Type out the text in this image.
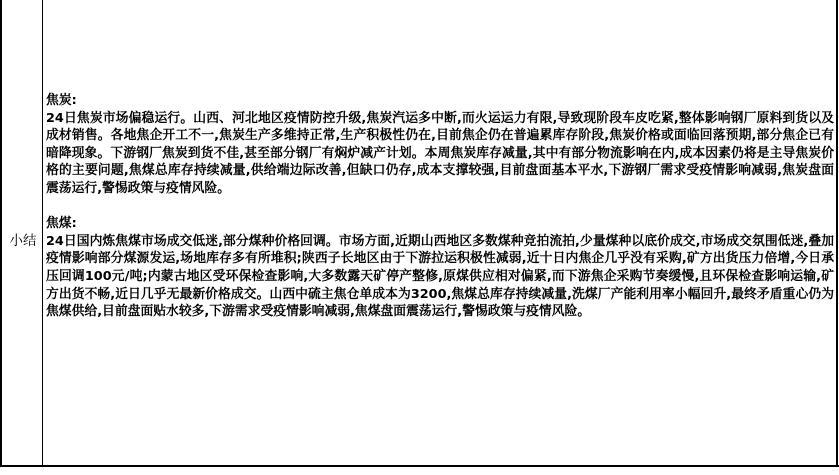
小结
焦炭:
24日焦炭市场偏稳运行。山西、河北地区疫情防控升级,焦炭汽运多中断,而火运运力有限,导致现阶段车皮吃紧,整体影响钢厂原料到货以及成材销售。各地焦企开工不一,焦炭生产多维持正常,生产积极性仍在,目前焦企仍在普遍累库存阶段,焦炭价格或面临回落预期,部分焦企已有暗降现象。下游钢厂焦炭到货不佳,甚至部分钢厂有焖炉减产计划。本周焦炭库存减量,其中有部分物流影响在内,成本因素仍将是主导焦炭价格的主要问题,焦煤总库存持续减量,供给端边际改善,但缺口仍存,成本支撑较强,目前盘面基本平水,下游钢厂需求受疫情影响减弱,焦炭盘面震荡运行,警惕政策与疫情风险。
焦煤:
24日国内炼焦煤市场成交低迷,部分煤种价格回调。市场方面,近期山西地区多数煤种竞拍流拍,少量煤种以底价成交,市场成交氛围低迷,叠加疫情影响部分煤源发运,场地库存多有所堆积;陕西子长地区由于下游拉运积极性减弱,近十日内焦企几乎没有采购,矿方出货压力倍增,今日承压回调100元/吨;内蒙古地区受环保检查影响,大多数露天矿停产整修,原煤供应相对偏紧,而下游焦企采购节奏缓慢,且环保检查影响运输,矿方出货不畅,近日几乎无最新价格成交。山西中硫主焦仓单成本为3200,焦煤总库存持续减量,洗煤厂产能利用率小幅回升,最终矛盾重心仍为焦煤供给,目前盘面贴水较多,下游需求受疫情影响减弱,焦煤盘面震荡运行,警惕政策与疫情风险。
